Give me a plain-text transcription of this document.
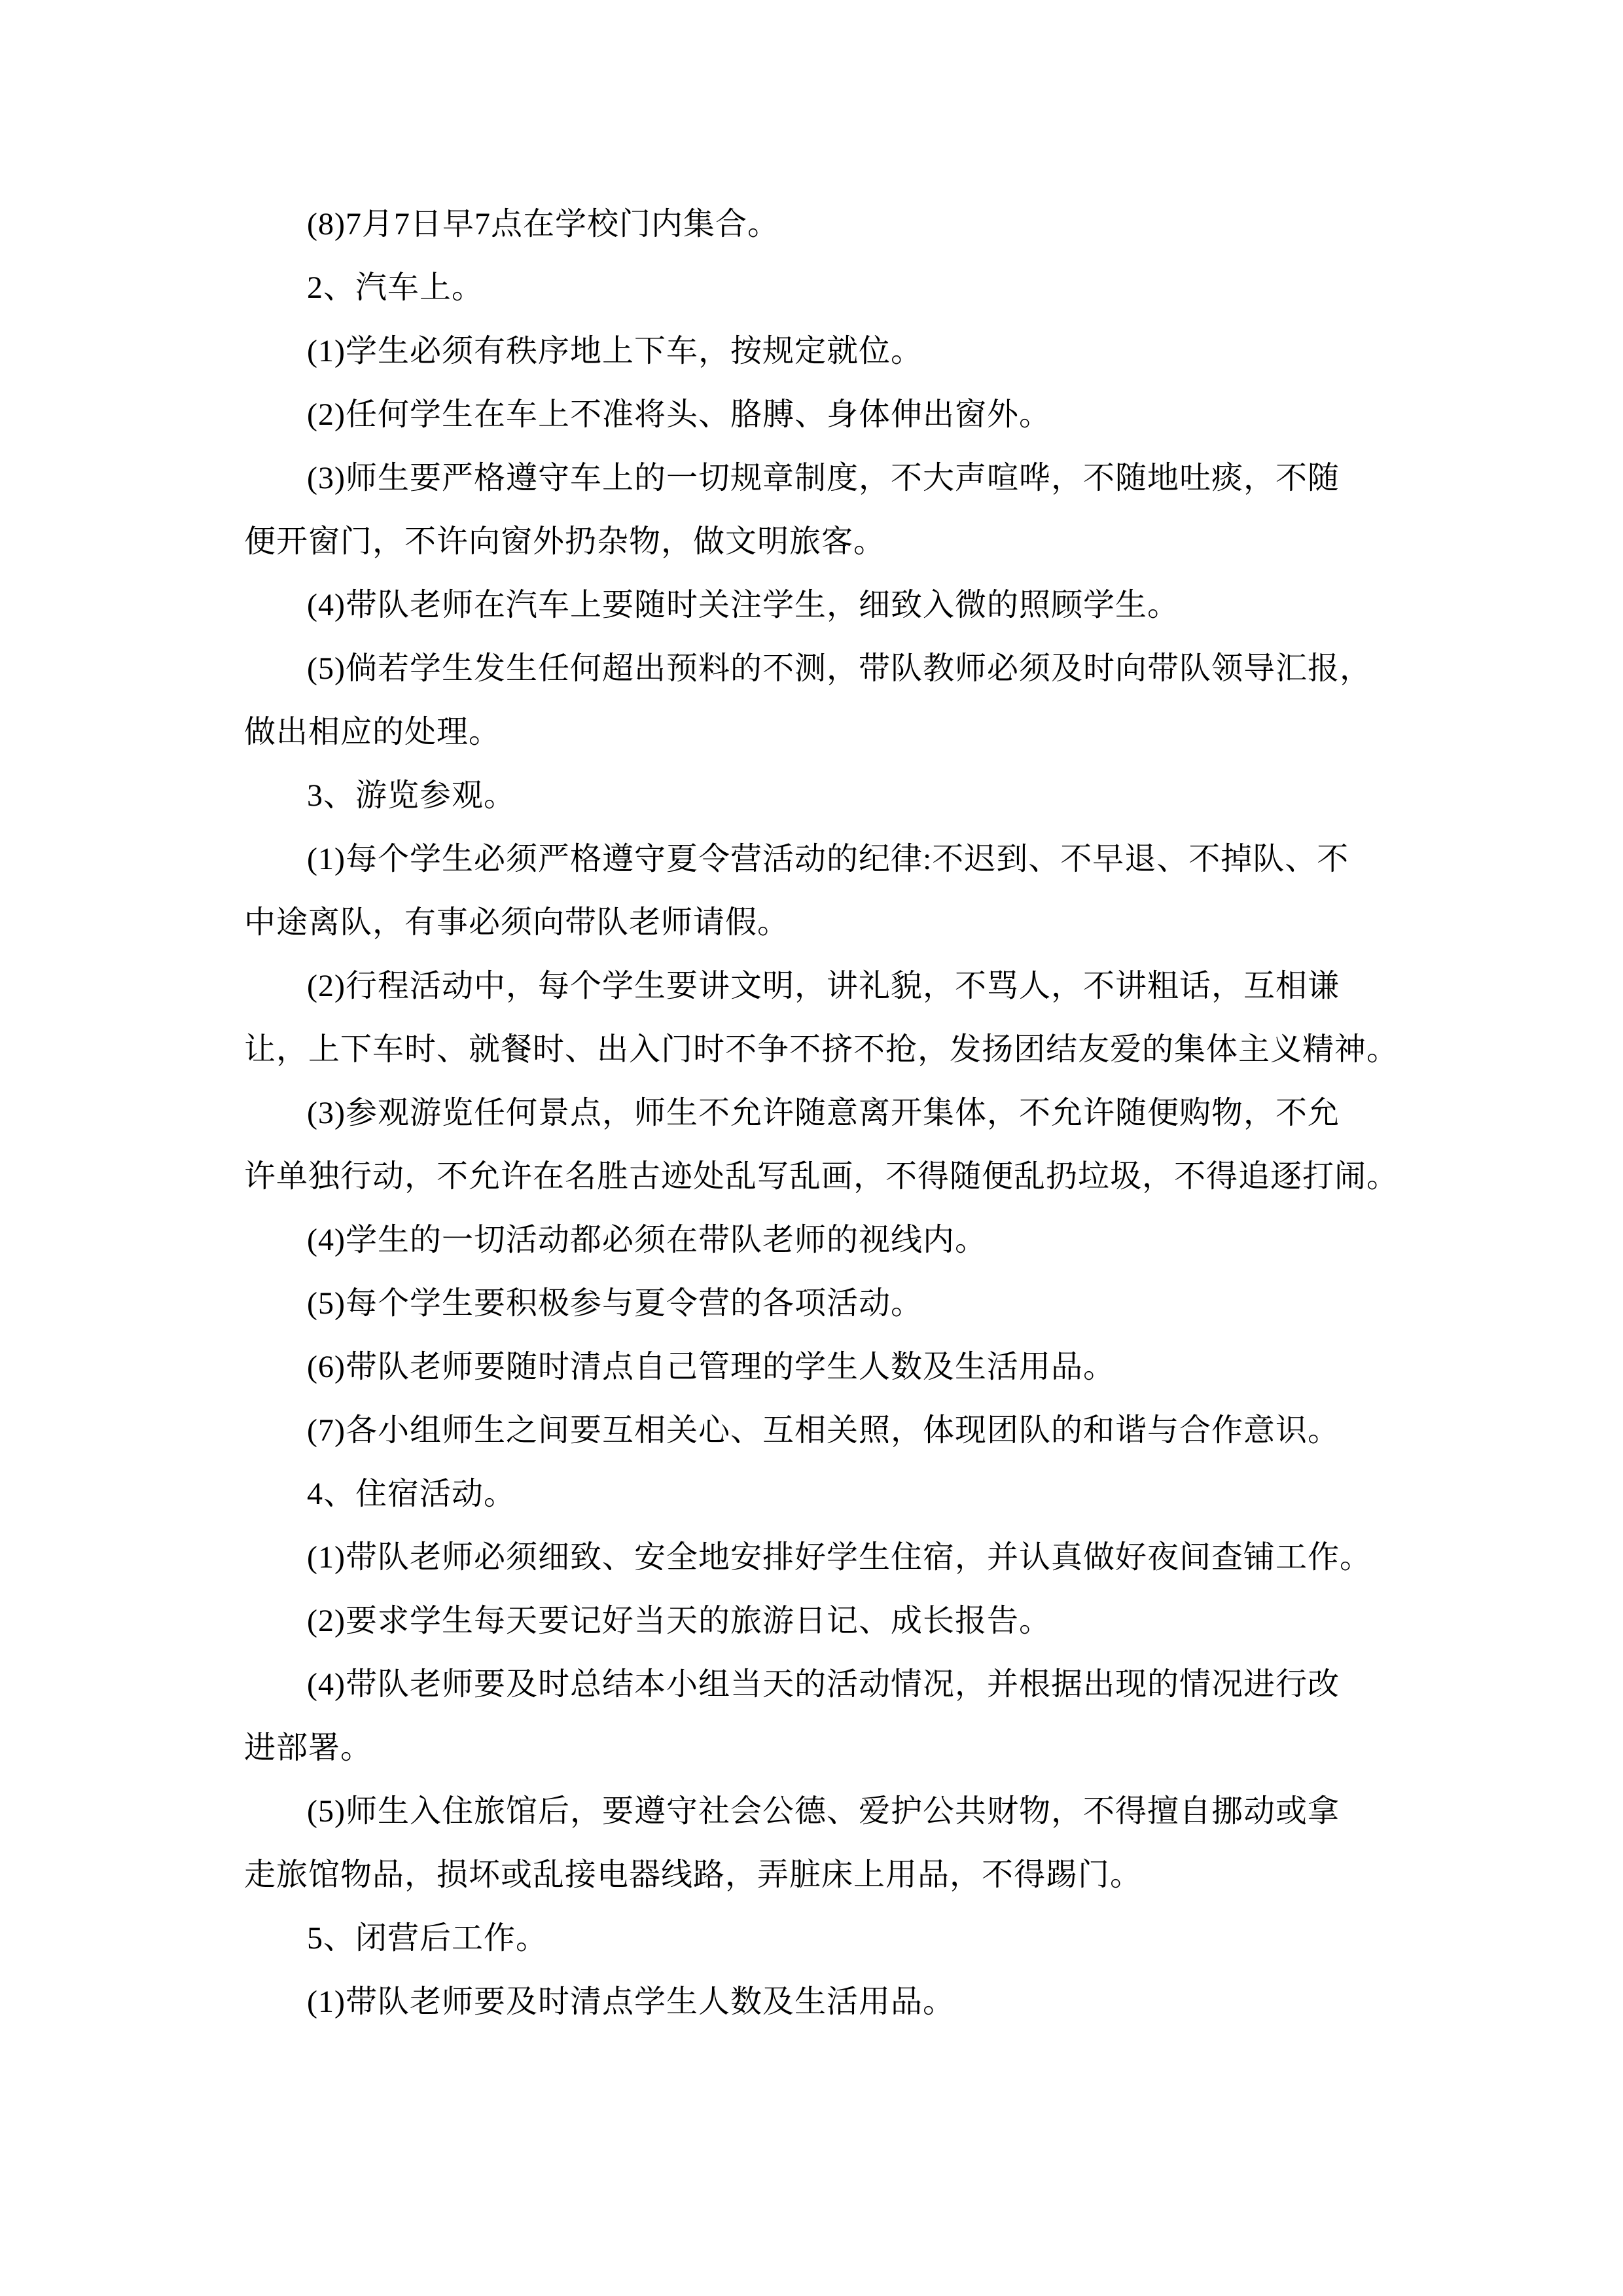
(8)7月7日早7点在学校门内集合。
2、汽车上。
(1)学生必须有秩序地上下车，按规定就位。
(2)任何学生在车上不准将头、胳膊、身体伸出窗外。
(3)师生要严格遵守车上的一切规章制度，不大声喧哗，不随地吐痰，不随
便开窗门，不许向窗外扔杂物，做文明旅客。
(4)带队老师在汽车上要随时关注学生，细致入微的照顾学生。
(5)倘若学生发生任何超出预料的不测，带队教师必须及时向带队领导汇报，
做出相应的处理。
3、游览参观。
(1)每个学生必须严格遵守夏令营活动的纪律:不迟到、不早退、不掉队、不
中途离队，有事必须向带队老师请假。
(2)行程活动中，每个学生要讲文明，讲礼貌，不骂人，不讲粗话，互相谦
让，上下车时、就餐时、出入门时不争不挤不抢，发扬团结友爱的集体主义精神。
(3)参观游览任何景点，师生不允许随意离开集体，不允许随便购物，不允
许单独行动，不允许在名胜古迹处乱写乱画，不得随便乱扔垃圾，不得追逐打闹。
(4)学生的一切活动都必须在带队老师的视线内。
(5)每个学生要积极参与夏令营的各项活动。
(6)带队老师要随时清点自己管理的学生人数及生活用品。
(7)各小组师生之间要互相关心、互相关照，体现团队的和谐与合作意识。
4、住宿活动。
(1)带队老师必须细致、安全地安排好学生住宿，并认真做好夜间查铺工作。
(2)要求学生每天要记好当天的旅游日记、成长报告。
(4)带队老师要及时总结本小组当天的活动情况，并根据出现的情况进行改
进部署。
(5)师生入住旅馆后，要遵守社会公德、爱护公共财物，不得擅自挪动或拿
走旅馆物品，损坏或乱接电器线路，弄脏床上用品，不得踢门。
5、闭营后工作。
(1)带队老师要及时清点学生人数及生活用品。
